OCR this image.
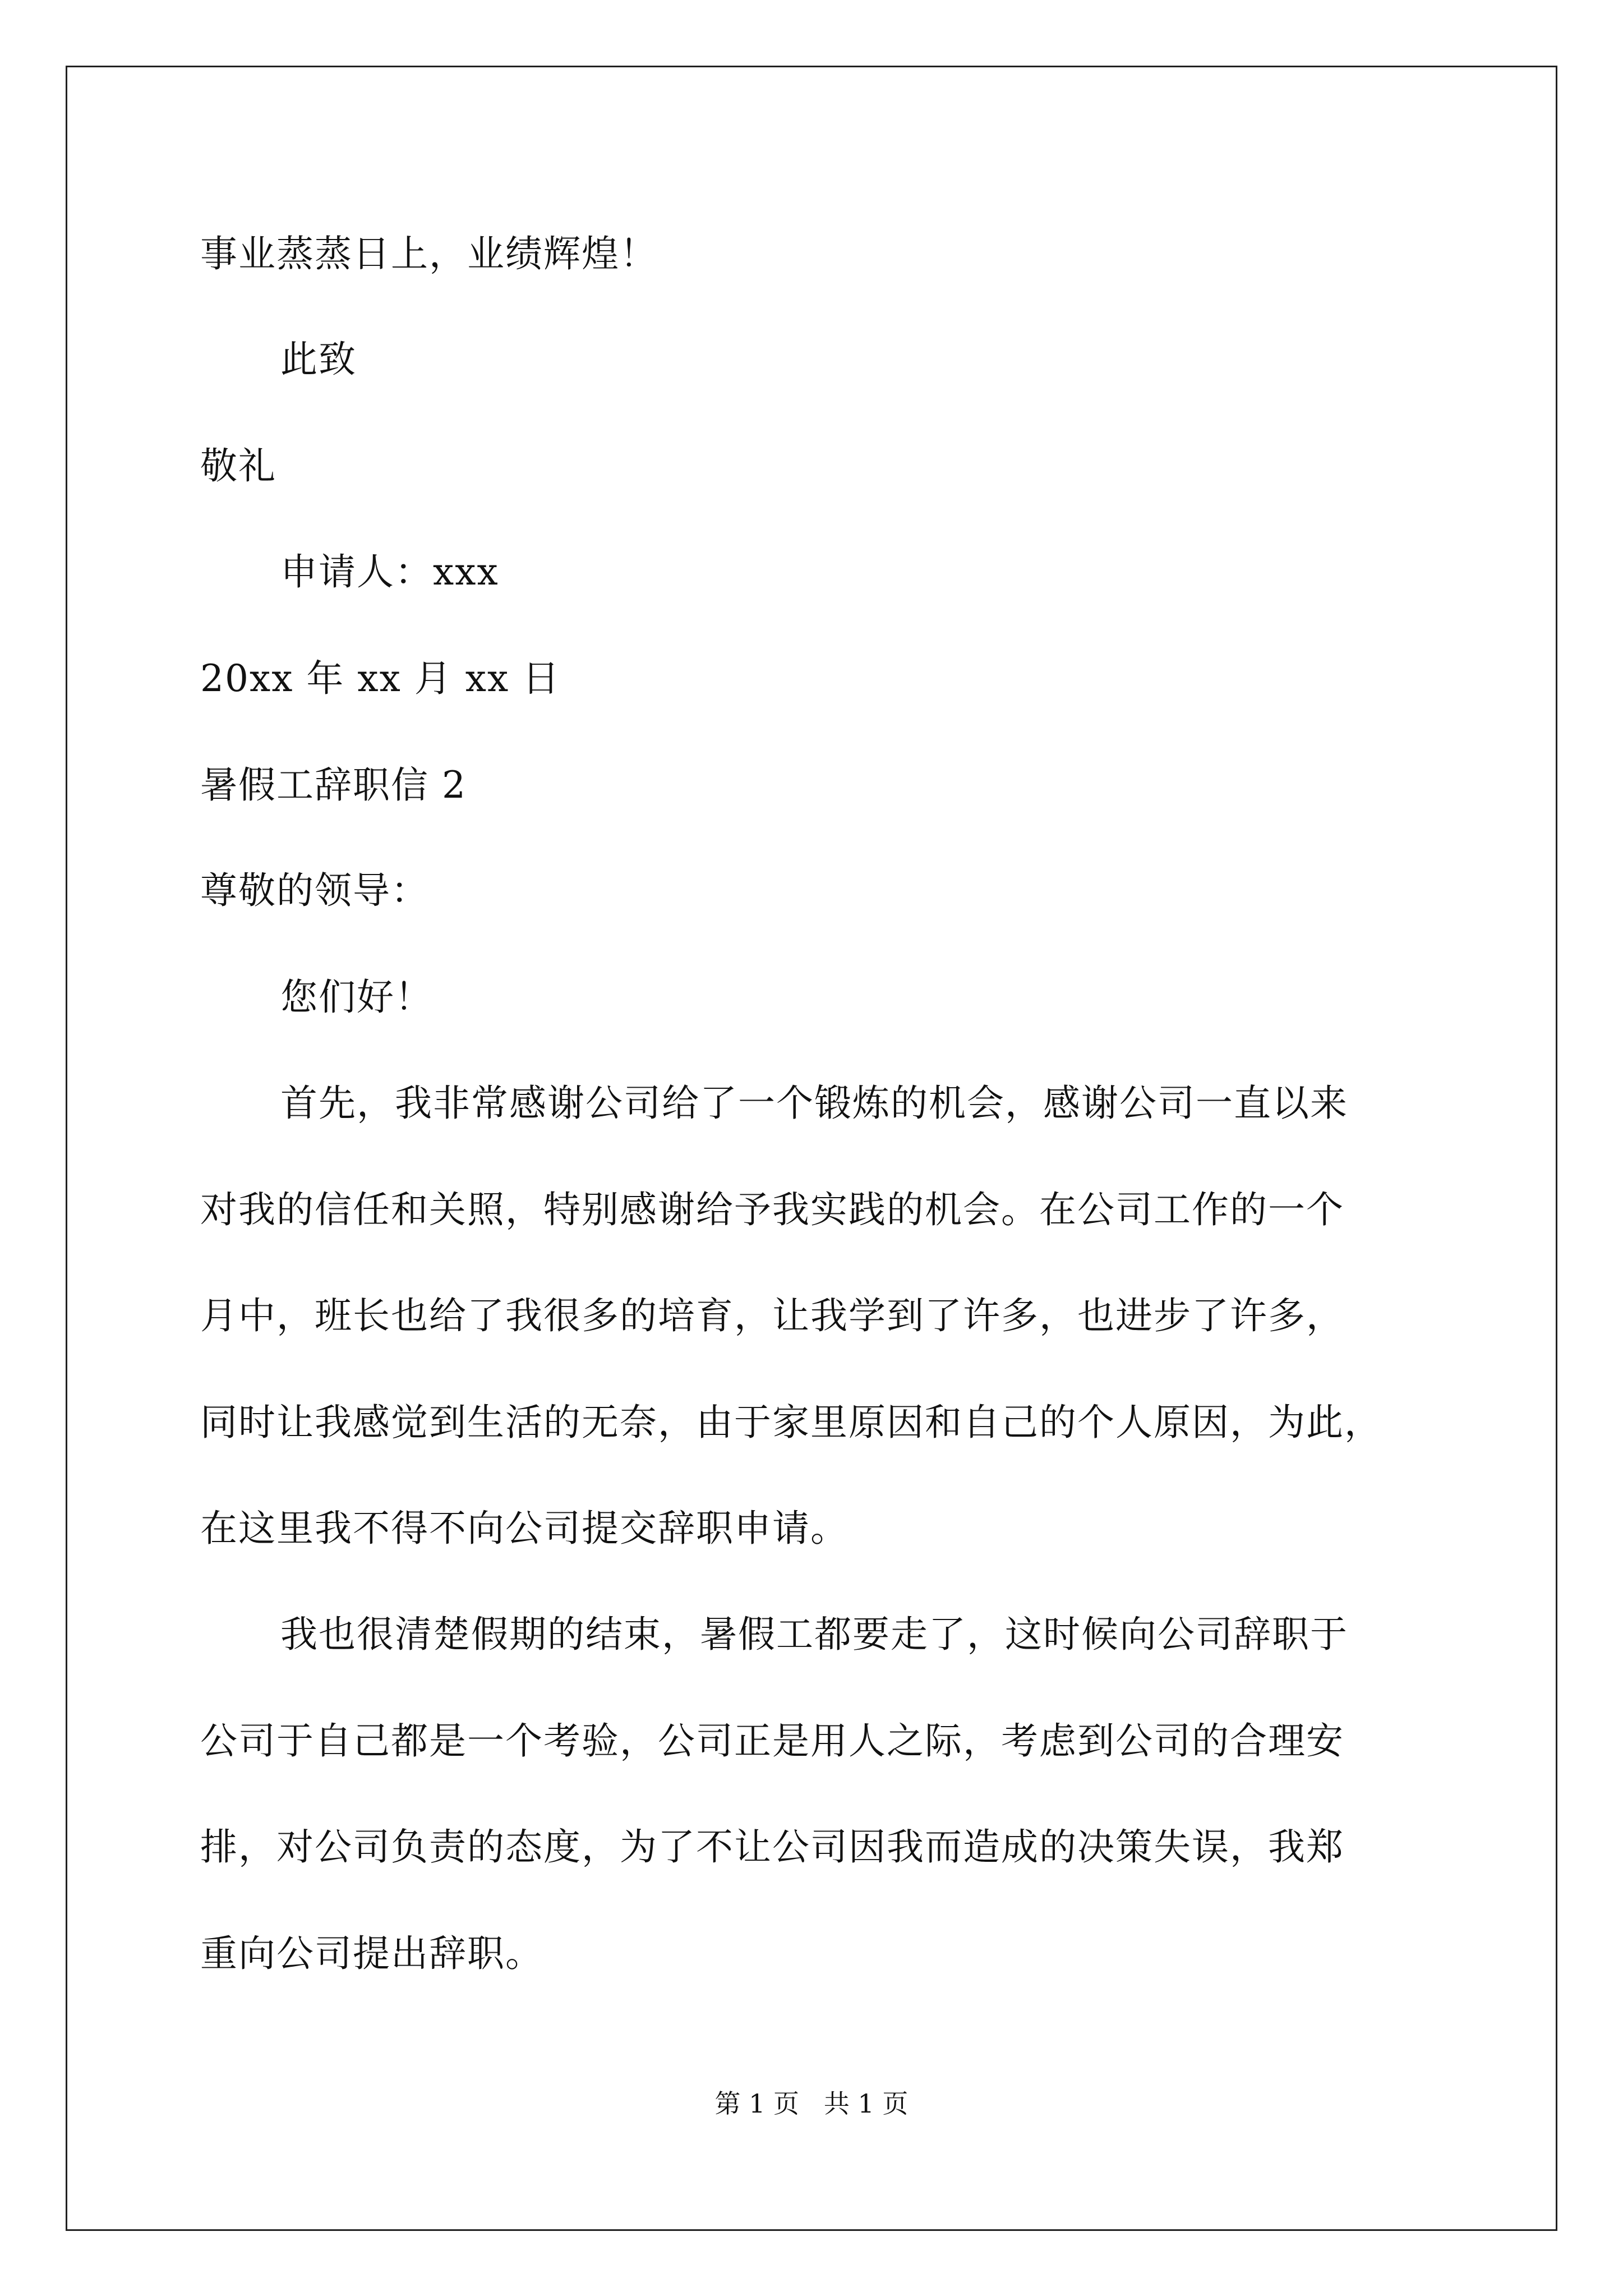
事业蒸蒸日上，业绩辉煌！
此致
敬礼
申请人：xxx
20xx 年 xx 月 xx 日
暑假工辞职信 2
尊敬的领导：
您们好！
首先，我非常感谢公司给了一个锻炼的机会，感谢公司一直以来
对我的信任和关照，特别感谢给予我实践的机会。在公司工作的一个
月中，班长也给了我很多的培育，让我学到了许多，也进步了许多，
同时让我感觉到生活的无奈，由于家里原因和自己的个人原因，为此，
在这里我不得不向公司提交辞职申请。
我也很清楚假期的结束，暑假工都要走了，这时候向公司辞职于
公司于自己都是一个考验，公司正是用人之际，考虑到公司的合理安
排，对公司负责的态度，为了不让公司因我而造成的决策失误，我郑
重向公司提出辞职。
第 1 页   共 1 页
